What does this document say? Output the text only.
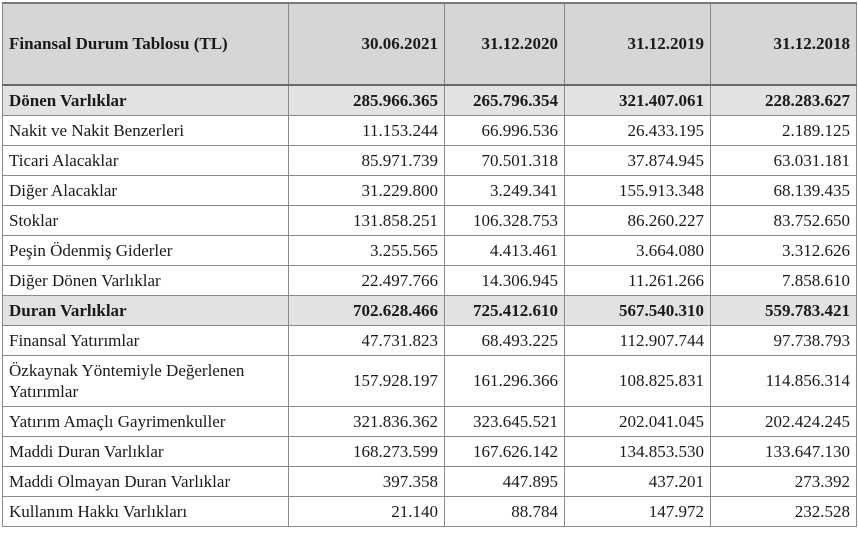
Finansal Durum Tablosu (TL)	30.06.2021	31.12.2020	31.12.2019	31.12.2018
Dönen Varlıklar	285.966.365	265.796.354	321.407.061	228.283.627
Nakit ve Nakit Benzerleri	11.153.244	66.996.536	26.433.195	2.189.125
Ticari Alacaklar	85.971.739	70.501.318	37.874.945	63.031.181
Diğer Alacaklar	31.229.800	3.249.341	155.913.348	68.139.435
Stoklar	131.858.251	106.328.753	86.260.227	83.752.650
Peşin Ödenmiş Giderler	3.255.565	4.413.461	3.664.080	3.312.626
Diğer Dönen Varlıklar	22.497.766	14.306.945	11.261.266	7.858.610
Duran Varlıklar	702.628.466	725.412.610	567.540.310	559.783.421
Finansal Yatırımlar	47.731.823	68.493.225	112.907.744	97.738.793
Özkaynak Yöntemiyle Değerlenen Yatırımlar	157.928.197	161.296.366	108.825.831	114.856.314
Yatırım Amaçlı Gayrimenkuller	321.836.362	323.645.521	202.041.045	202.424.245
Maddi Duran Varlıklar	168.273.599	167.626.142	134.853.530	133.647.130
Maddi Olmayan Duran Varlıklar	397.358	447.895	437.201	273.392
Kullanım Hakkı Varlıkları	21.140	88.784	147.972	232.528
